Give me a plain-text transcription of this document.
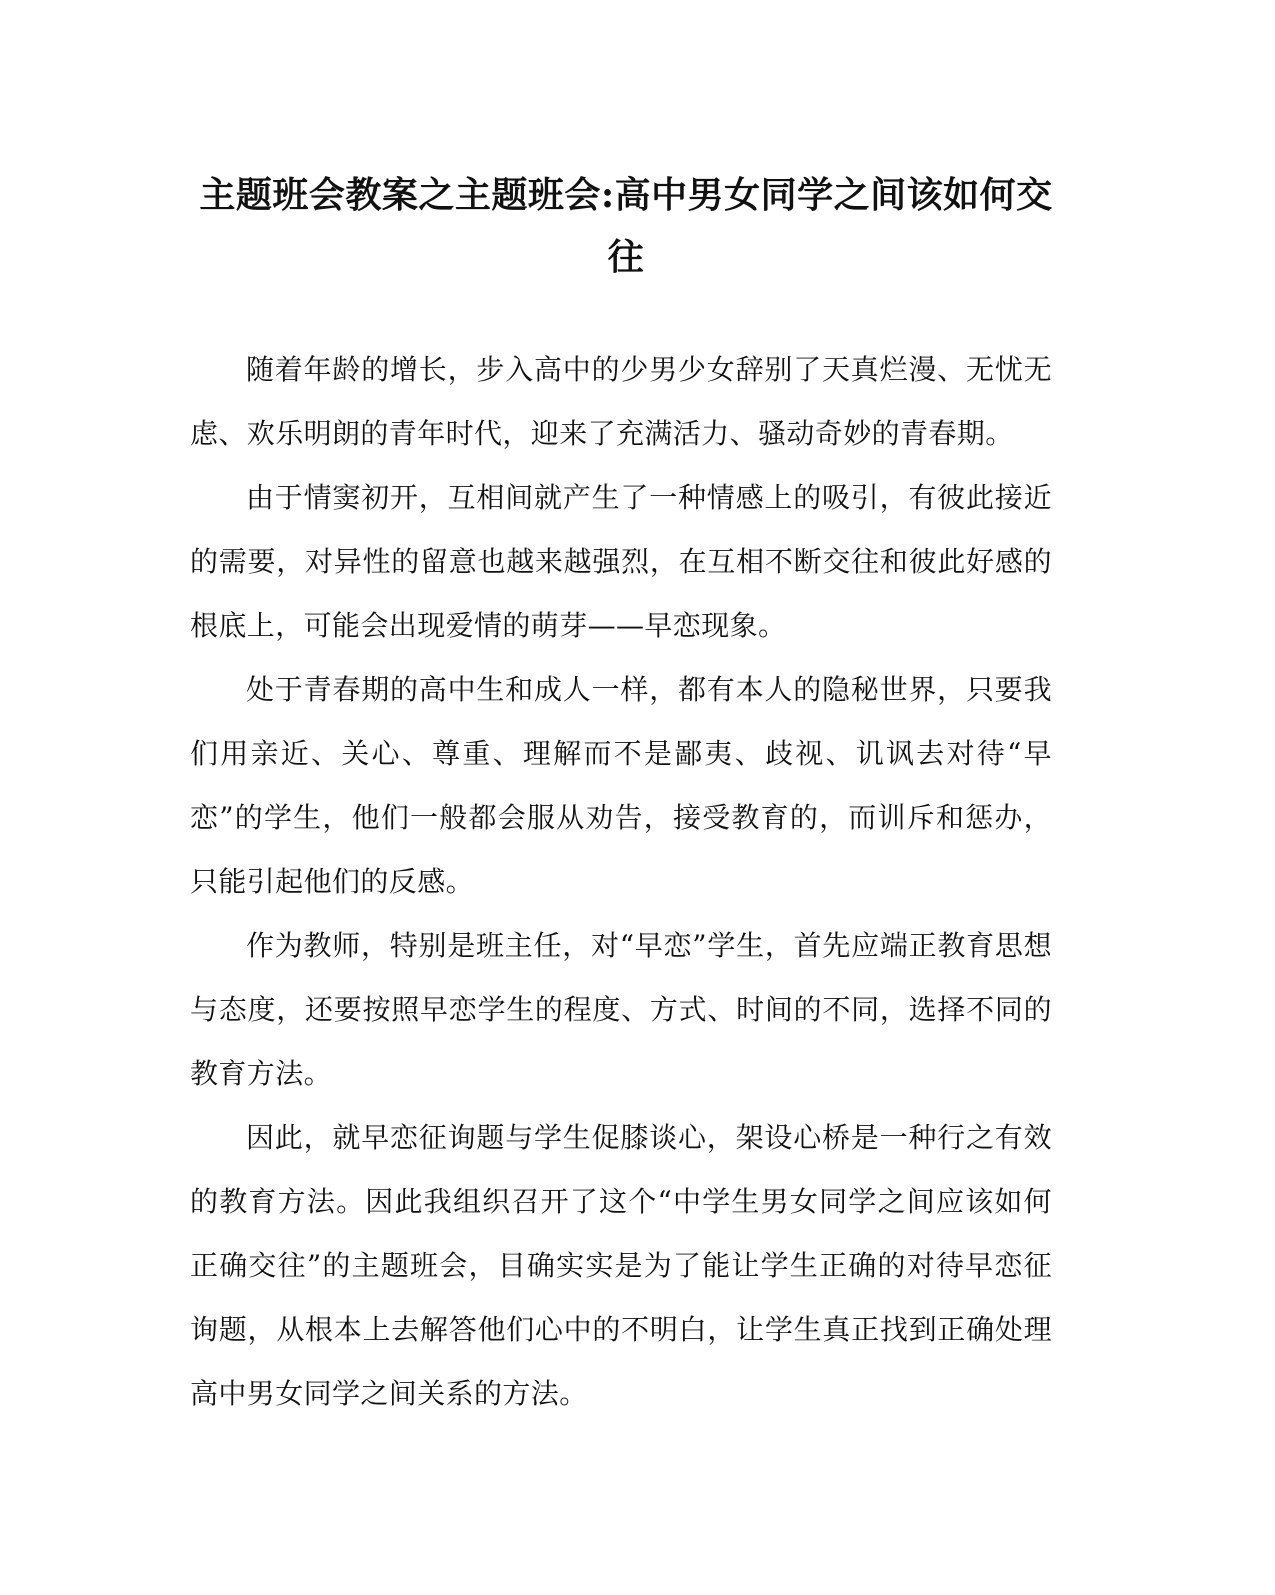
主题班会教案之主题班会:高中男女同学之间该如何交往

随着年龄的增长，步入高中的少男少女辞别了天真烂漫、无忧无虑、欢乐明朗的青年时代，迎来了充满活力、骚动奇妙的青春期。

由于情窦初开，互相间就产生了一种情感上的吸引，有彼此接近的需要，对异性的留意也越来越强烈，在互相不断交往和彼此好感的根底上，可能会出现爱情的萌芽——早恋现象。

处于青春期的高中生和成人一样，都有本人的隐秘世界，只要我们用亲近、关心、尊重、理解而不是鄙夷、歧视、讥讽去对待“早恋”的学生，他们一般都会服从劝告，接受教育的，而训斥和惩办，只能引起他们的反感。

作为教师，特别是班主任，对“早恋”学生，首先应端正教育思想与态度，还要按照早恋学生的程度、方式、时间的不同，选择不同的教育方法。

因此，就早恋征询题与学生促膝谈心，架设心桥是一种行之有效的教育方法。因此我组织召开了这个“中学生男女同学之间应该如何正确交往”的主题班会，目确实实是为了能让学生正确的对待早恋征询题，从根本上去解答他们心中的不明白，让学生真正找到正确处理高中男女同学之间关系的方法。
